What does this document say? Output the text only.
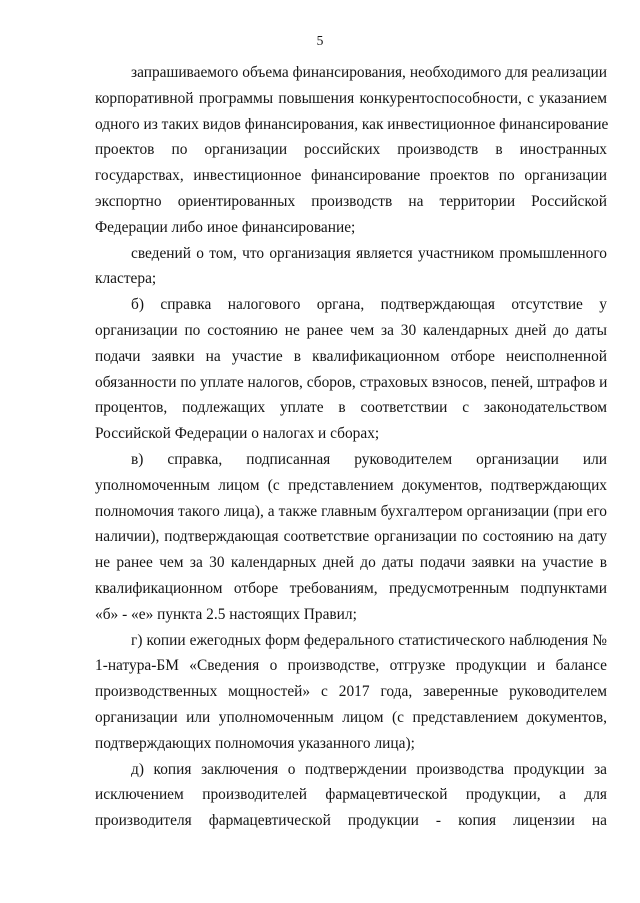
5

запрашиваемого объема финансирования, необходимого для реализации
корпоративной программы повышения конкурентоспособности, с указанием
одного из таких видов финансирования, как инвестиционное финансирование
проектов по организации российских производств в иностранных
государствах, инвестиционное финансирование проектов по организации
экспортно ориентированных производств на территории Российской
Федерации либо иное финансирование;

сведений о том, что организация является участником промышленного
кластера;

б) справка налогового органа, подтверждающая отсутствие у
организации по состоянию не ранее чем за 30 календарных дней до даты
подачи заявки на участие в квалификационном отборе неисполненной
обязанности по уплате налогов, сборов, страховых взносов, пеней, штрафов и
процентов, подлежащих уплате в соответствии с законодательством
Российской Федерации о налогах и сборах;

в) справка, подписанная руководителем организации или
уполномоченным лицом (с представлением документов, подтверждающих
полномочия такого лица), а также главным бухгалтером организации (при его
наличии), подтверждающая соответствие организации по состоянию на дату
не ранее чем за 30 календарных дней до даты подачи заявки на участие в
квалификационном отборе требованиям, предусмотренным подпунктами
«б» - «е» пункта 2.5 настоящих Правил;

г) копии ежегодных форм федерального статистического наблюдения №
1-натура-БМ «Сведения о производстве, отгрузке продукции и балансе
производственных мощностей» с 2017 года, заверенные руководителем
организации или уполномоченным лицом (с представлением документов,
подтверждающих полномочия указанного лица);

д) копия заключения о подтверждении производства продукции за
исключением производителей фармацевтической продукции, а для
производителя фармацевтической продукции - копия лицензии на
